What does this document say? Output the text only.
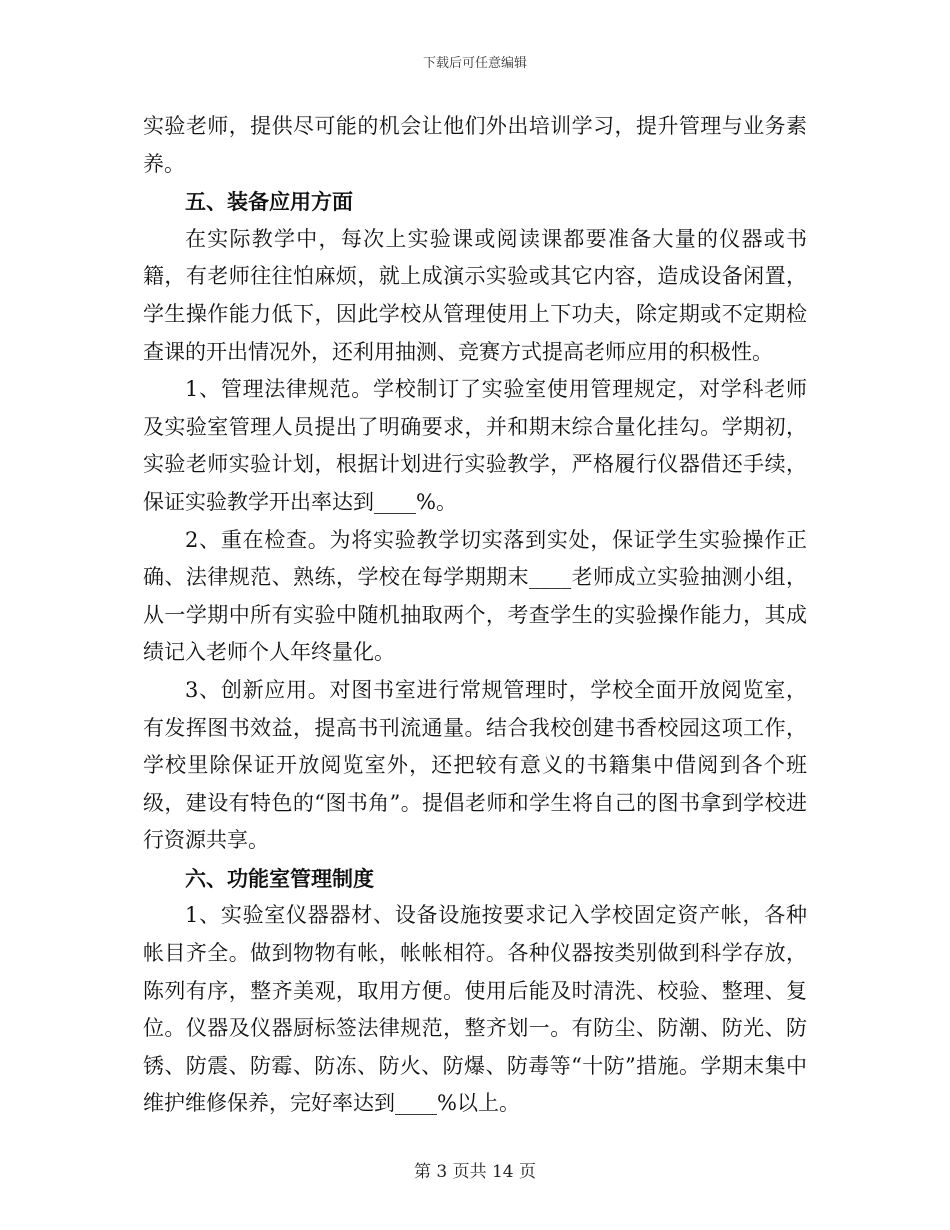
下载后可任意编辑

实验老师，提供尽可能的机会让他们外出培训学习，提升管理与业务素养。

五、装备应用方面

在实际教学中，每次上实验课或阅读课都要准备大量的仪器或书籍，有老师往往怕麻烦，就上成演示实验或其它内容，造成设备闲置，学生操作能力低下，因此学校从管理使用上下功夫，除定期或不定期检查课的开出情况外，还利用抽测、竞赛方式提高老师应用的积极性。

1、管理法律规范。学校制订了实验室使用管理规定，对学科老师及实验室管理人员提出了明确要求，并和期末综合量化挂勾。学期初，实验老师实验计划，根据计划进行实验教学，严格履行仪器借还手续，保证实验教学开出率达到____%。

2、重在检查。为将实验教学切实落到实处，保证学生实验操作正确、法律规范、熟练，学校在每学期期末____老师成立实验抽测小组，从一学期中所有实验中随机抽取两个，考查学生的实验操作能力，其成绩记入老师个人年终量化。

3、创新应用。对图书室进行常规管理时，学校全面开放阅览室，有发挥图书效益，提高书刊流通量。结合我校创建书香校园这项工作，学校里除保证开放阅览室外，还把较有意义的书籍集中借阅到各个班级，建设有特色的“图书角”。提倡老师和学生将自己的图书拿到学校进行资源共享。

六、功能室管理制度

1、实验室仪器器材、设备设施按要求记入学校固定资产帐，各种帐目齐全。做到物物有帐，帐帐相符。各种仪器按类别做到科学存放，陈列有序，整齐美观，取用方便。使用后能及时清洗、校验、整理、复位。仪器及仪器厨标签法律规范，整齐划一。有防尘、防潮、防光、防锈、防震、防霉、防冻、防火、防爆、防毒等“十防”措施。学期末集中维护维修保养，完好率达到____%以上。

第 3 页共 14 页
